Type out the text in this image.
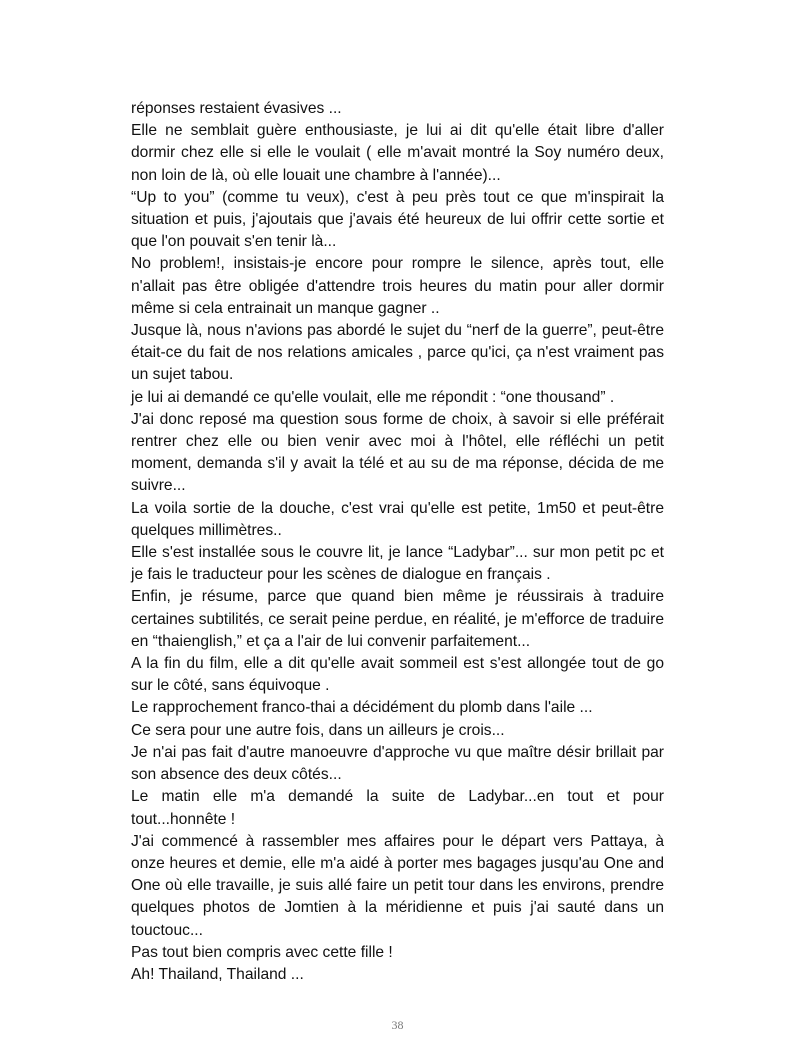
réponses restaient évasives ...

Elle ne semblait guère enthousiaste, je lui ai dit qu'elle était libre d'aller dormir chez elle si elle le voulait ( elle m'avait montré la Soy numéro deux, non loin de là, où elle louait une chambre à l'année)...

“Up to you” (comme tu veux), c'est à peu près tout ce que m'inspirait la situation et puis, j'ajoutais que j'avais été heureux de lui offrir cette sortie et que l'on pouvait s'en tenir là...

No problem!, insistais-je encore pour rompre le silence, après tout, elle n'allait pas être obligée d'attendre trois heures du matin pour aller dormir même si cela entrainait un manque gagner ..

Jusque là, nous n'avions pas abordé le sujet du “nerf de la guerre”, peut-être était-ce du fait de nos relations amicales , parce qu'ici, ça n'est vraiment pas un sujet tabou.

je lui ai demandé ce qu'elle voulait, elle me répondit : “one thousand” .

J'ai donc reposé ma question sous forme de choix, à savoir si elle préférait rentrer chez elle ou bien venir avec moi à l'hôtel, elle réfléchi un petit moment, demanda s'il y avait la télé et au su de ma réponse, décida de me suivre...

La voila sortie de la douche, c'est vrai qu'elle est petite, 1m50 et peut-être quelques millimètres..

Elle s'est installée sous le couvre lit, je lance “Ladybar”... sur mon petit pc et je fais le traducteur pour les scènes de dialogue en français .

Enfin, je résume, parce que quand bien même je réussirais à traduire certaines subtilités, ce serait peine perdue, en réalité, je m'efforce de traduire en “thaienglish,” et ça a l'air de lui convenir parfaitement...

A la fin du film, elle a dit qu'elle avait sommeil est s'est allongée tout de go sur le côté, sans équivoque .

Le rapprochement franco-thai a décidément du plomb dans l'aile ...

Ce sera pour une autre fois, dans un ailleurs je crois...

Je n'ai pas fait d'autre manoeuvre d'approche vu que maître désir brillait par son absence des deux côtés...

Le matin elle m'a demandé la suite de Ladybar...en tout et pour tout...honnête !

J'ai commencé à rassembler mes affaires pour le départ vers Pattaya, à onze heures et demie, elle m'a aidé à porter mes bagages jusqu'au One and One où elle travaille, je suis allé faire un petit tour dans les environs, prendre quelques photos de Jomtien à la méridienne et puis j'ai sauté dans un touctouc...

Pas tout bien compris avec cette fille !

Ah! Thailand, Thailand ...

38
